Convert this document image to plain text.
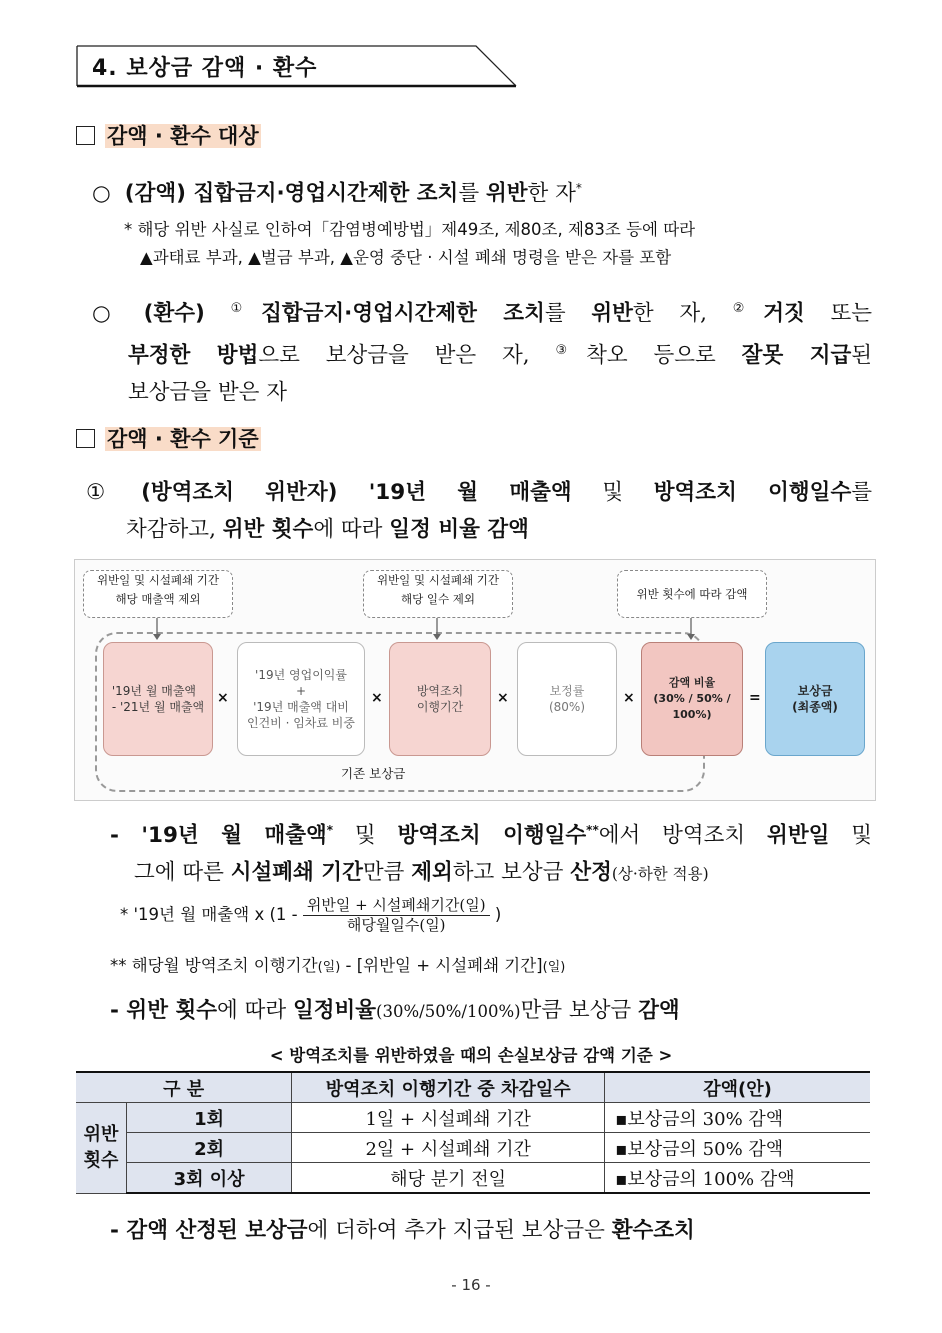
4. 보상금 감액 · 환수
감액 · 환수 대상
○ (감액) 집합금지·영업시간제한 조치를 위반한 자*
* 해당 위반 사실로 인하여「감염병예방법」제49조, 제80조, 제83조 등에 따라
▲과태료 부과, ▲벌금 부과, ▲운영 중단 · 시설 폐쇄 명령을 받은 자를 포함
○ (환수) ①집합금지·영업시간제한 조치를 위반한 자, ②거짓 또는
부정한 방법으로 보상금을 받은 자, ③착오 등으로 잘못 지급된
보상금을 받은 자
감액 · 환수 기준
① (방역조치 위반자) '19년 월 매출액 및 방역조치 이행일수를
차감하고, 위반 횟수에 따라 일정 비율 감액
기존 보상금
위반일 및 시설폐쇄 기간
해당 매출액 제외
위반일 및 시설폐쇄 기간
해당 일수 제외	위반 횟수에 따라 감액
'19년 월 매출액
- '21년 월 매출액
×
'19년 영업이익률
+
'19년 매출액 대비
인건비 · 임차료 비중
×	방역조치
이행기간
×	보정률
(80%)
×
감액 비율
(30% / 50% / 100%)
=	보상금
(최종액)
- '19년 월 매출액* 및 방역조치 이행일수**에서 방역조치 위반일 및
그에 따른 시설폐쇄 기간만큼 제외하고 보상금 산정(상·하한 적용)
* '19년 월 매출액 x ($1 - \frac{\text{위반일 + 시설폐쇄기간(일)}}{\text{해당월일수(일)}}$ )
** 해당월 방역조치 이행기간(일) - [위반일 + 시설폐쇄 기간](일)
- 위반 횟수에 따라 일정비율(30%/50%/100%)만큼 보상금 감액
< 방역조치를 위반하였을 때의 손실보상금 감액 기준 >
구 분		방역조치 이행기간 중 차감일수	감액(안)
위반 횟수	1회	1일 + 시설폐쇄 기간	▪보상금의 30% 감액
	2회	2일 + 시설폐쇄 기간	▪보상금의 50% 감액
	3회 이상	해당 분기 전일	▪보상금의 100% 감액
- 감액 산정된 보상금에 더하여 추가 지급된 보상금은 환수조치
- 16 -
